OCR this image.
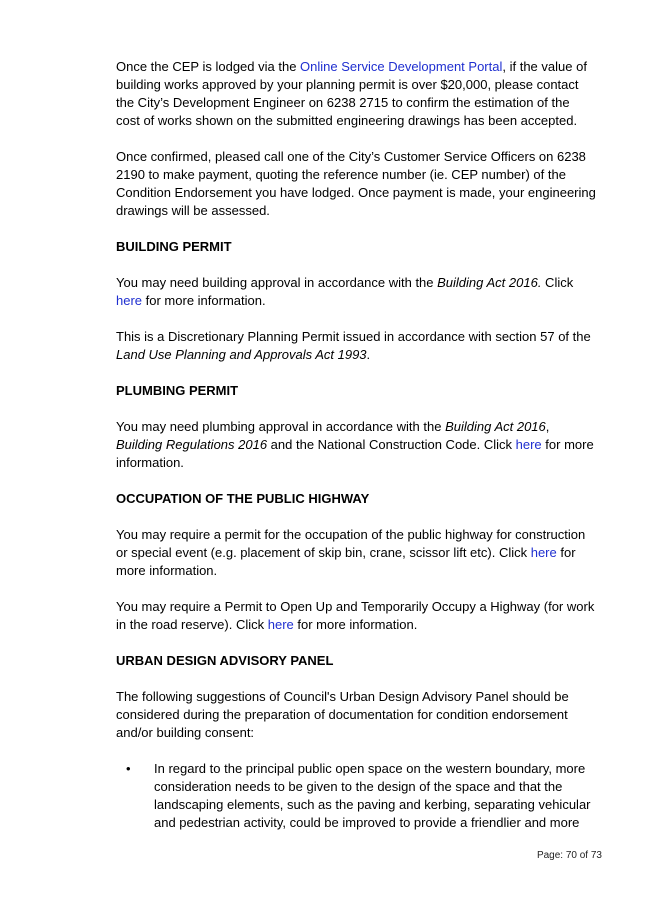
Once the CEP is lodged via the Online Service Development Portal, if the value of building works approved by your planning permit is over $20,000, please contact the City’s Development Engineer on 6238 2715 to confirm the estimation of the cost of works shown on the submitted engineering drawings has been accepted.

Once confirmed, pleased call one of the City’s Customer Service Officers on 6238 2190 to make payment, quoting the reference number (ie. CEP number) of the Condition Endorsement you have lodged. Once payment is made, your engineering drawings will be assessed.

BUILDING PERMIT

You may need building approval in accordance with the Building Act 2016. Click here for more information.

This is a Discretionary Planning Permit issued in accordance with section 57 of the Land Use Planning and Approvals Act 1993.

PLUMBING PERMIT

You may need plumbing approval in accordance with the Building Act 2016, Building Regulations 2016 and the National Construction Code. Click here for more information.

OCCUPATION OF THE PUBLIC HIGHWAY

You may require a permit for the occupation of the public highway for construction or special event (e.g. placement of skip bin, crane, scissor lift etc). Click here for more information.

You may require a Permit to Open Up and Temporarily Occupy a Highway (for work in the road reserve). Click here for more information.

URBAN DESIGN ADVISORY PANEL

The following suggestions of Council's Urban Design Advisory Panel should be considered during the preparation of documentation for condition endorsement and/or building consent:

• In regard to the principal public open space on the western boundary, more consideration needs to be given to the design of the space and that the landscaping elements, such as the paving and kerbing, separating vehicular and pedestrian activity, could be improved to provide a friendlier and more

Page: 70 of 73
